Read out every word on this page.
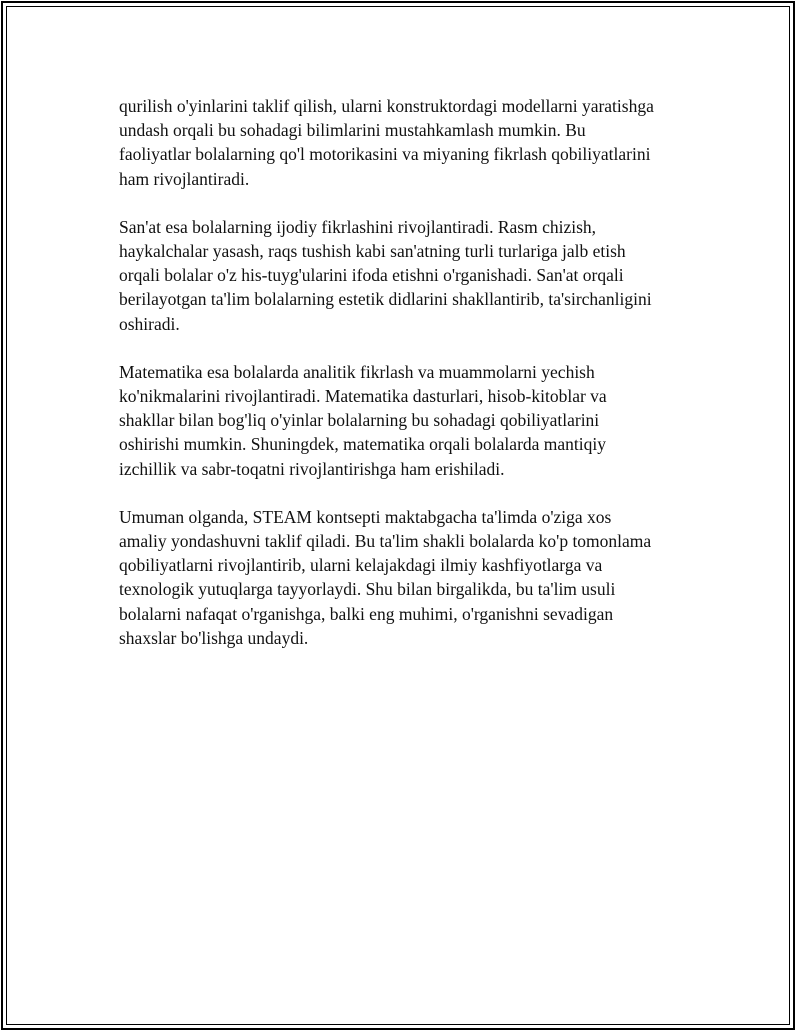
qurilish o'yinlarini taklif qilish, ularni konstruktordagi modellarni yaratishga
undash orqali bu sohadagi bilimlarini mustahkamlash mumkin. Bu
faoliyatlar bolalarning qo'l motorikasini va miyaning fikrlash qobiliyatlarini
ham rivojlantiradi.

San'at esa bolalarning ijodiy fikrlashini rivojlantiradi. Rasm chizish,
haykalchalar yasash, raqs tushish kabi san'atning turli turlariga jalb etish
orqali bolalar o'z his-tuyg'ularini ifoda etishni o'rganishadi. San'at orqali
berilayotgan ta'lim bolalarning estetik didlarini shakllantirib, ta'sirchanligini
oshiradi.

Matematika esa bolalarda analitik fikrlash va muammolarni yechish
ko'nikmalarini rivojlantiradi. Matematika dasturlari, hisob-kitoblar va
shakllar bilan bog'liq o'yinlar bolalarning bu sohadagi qobiliyatlarini
oshirishi mumkin. Shuningdek, matematika orqali bolalarda mantiqiy
izchillik va sabr-toqatni rivojlantirishga ham erishiladi.

Umuman olganda, STEAM kontsepti maktabgacha ta'limda o'ziga xos
amaliy yondashuvni taklif qiladi. Bu ta'lim shakli bolalarda ko'p tomonlama
qobiliyatlarni rivojlantirib, ularni kelajakdagi ilmiy kashfiyotlarga va
texnologik yutuqlarga tayyorlaydi. Shu bilan birgalikda, bu ta'lim usuli
bolalarni nafaqat o'rganishga, balki eng muhimi, o'rganishni sevadigan
shaxslar bo'lishga undaydi.
